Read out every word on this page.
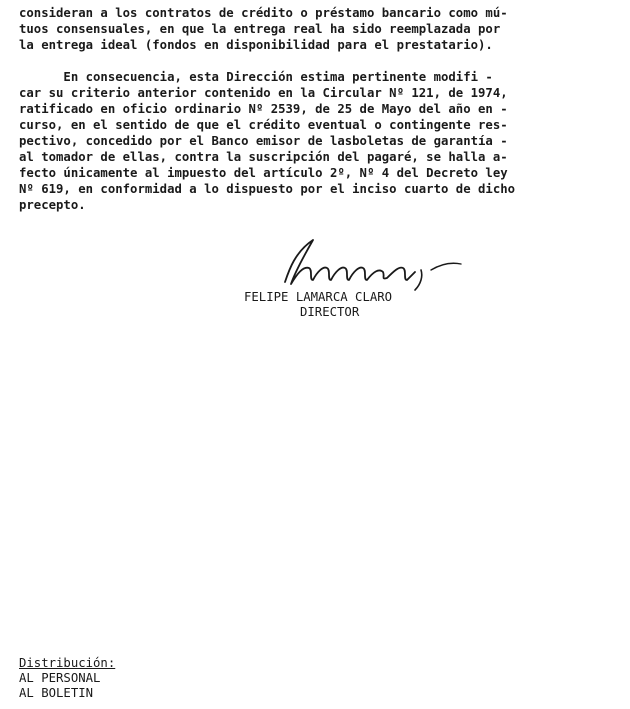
consideran a los contratos de crédito o préstamo bancario como mú-
tuos consensuales, en que la entrega real ha sido reemplazada por
la entrega ideal (fondos en disponibilidad para el prestatario).
En consecuencia, esta Dirección estima pertinente modifi -
car su criterio anterior contenido en la Circular Nº 121, de 1974,
ratificado en oficio ordinario Nº 2539, de 25 de Mayo del año en -
curso, en el sentido de que el crédito eventual o contingente res-
pectivo, concedido por el Banco emisor de lasboletas de garantía -
al tomador de ellas, contra la suscripción del pagaré, se halla a-
fecto únicamente al impuesto del artículo 2º, Nº 4 del Decreto ley
Nº 619, en conformidad a lo dispuesto por el inciso cuarto de dicho
precepto.
FELIPE LAMARCA CLARO
DIRECTOR
Distribución:
AL PERSONAL
AL BOLETIN
